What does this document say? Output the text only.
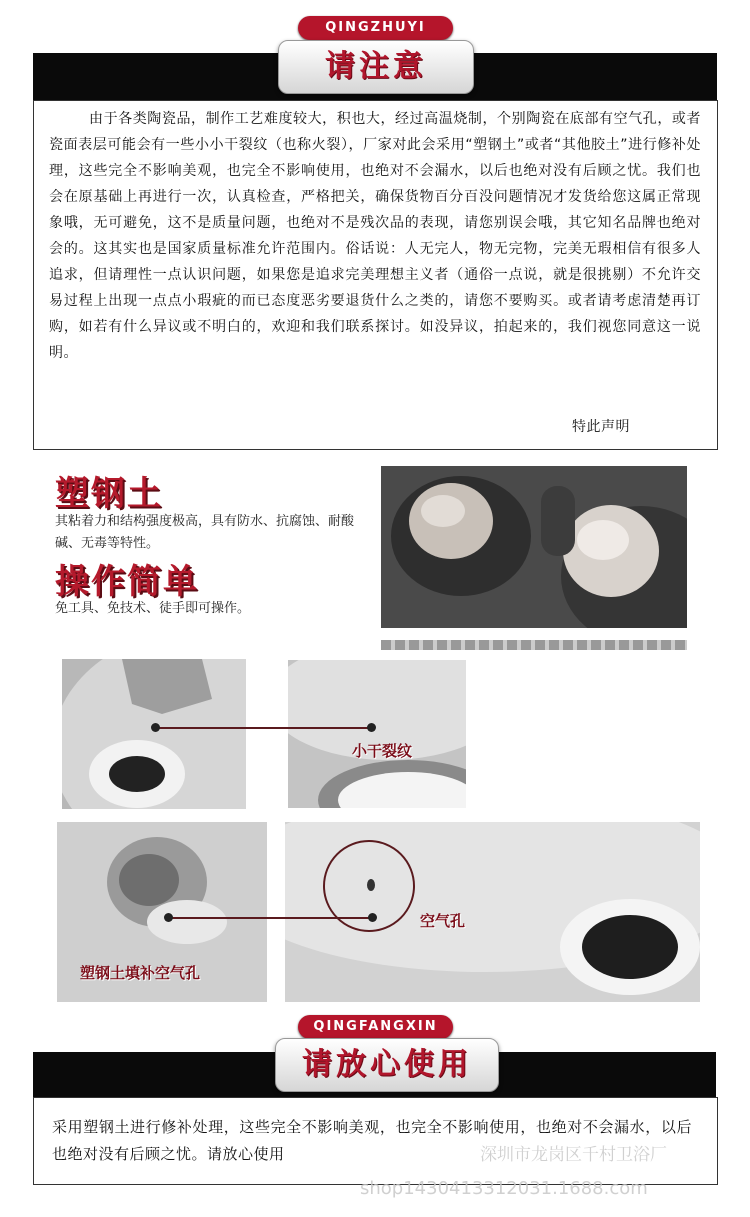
QINGZHUYI
请注意
由于各类陶瓷品，制作工艺难度较大，积也大，经过高温烧制，个别陶瓷在底部有空气孔，或者瓷面表层可能会有一些小小干裂纹（也称火裂），厂家对此会采用“塑钢土”或者“其他胶土”进行修补处理，这些完全不影响美观，也完全不影响使用，也绝对不会漏水，以后也绝对没有后顾之忧。我们也会在原基础上再进行一次，认真检查，严格把关，确保货物百分百没问题情况才发货给您这属正常现象哦，无可避免，这不是质量问题，也绝对不是残次品的表现，请您别误会哦，其它知名品牌也绝对会的。这其实也是国家质量标准允许范围内。俗话说：人无完人，物无完物，完美无瑕相信有很多人追求，但请理性一点认识问题，如果您是追求完美理想主义者（通俗一点说，就是很挑剔）不允许交易过程上出现一点点小瑕疵的而已态度恶劣要退货什么之类的，请您不要购买。或者请考虑清楚再订购，如若有什么异议或不明白的，欢迎和我们联系探讨。如没异议，拍起来的，我们视您同意这一说明。
特此声明
塑钢土
其粘着力和结构强度极高，具有防水、抗腐蚀、耐酸碱、无毒等特性。
操作简单
免工具、免技术、徒手即可操作。
小干裂纹
塑钢土填补空气孔
空气孔
QINGFANGXIN
请放心使用
采用塑钢土进行修补处理，这些完全不影响美观，也完全不影响使用，也绝对不会漏水，以后也绝对没有后顾之忧。请放心使用	深圳市龙岗区千村卫浴厂
shop1430413312031.1688.com
